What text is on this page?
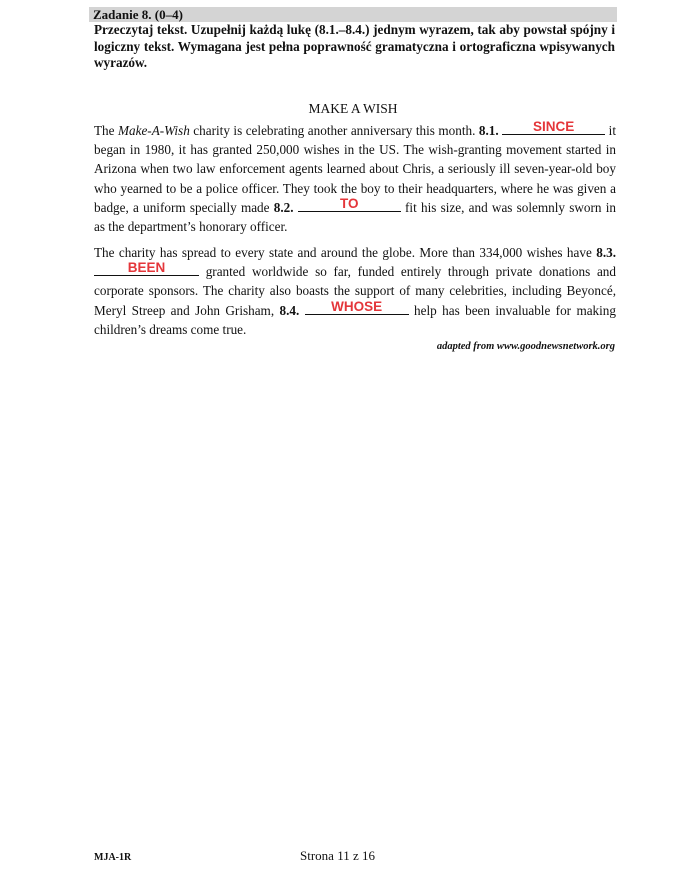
Zadanie 8. (0–4)
Przeczytaj tekst. Uzupełnij każdą lukę (8.1.–8.4.) jednym wyrazem, tak aby powstał spójny i logiczny tekst. Wymagana jest pełna poprawność gramatyczna i ortograficzna wpisywanych wyrazów.
MAKE A WISH
The Make-A-Wish charity is celebrating another anniversary this month. 8.1.	SINCE	it began in 1980, it has granted 250,000 wishes in the US. The wish-granting movement started in Arizona when two law enforcement agents learned about Chris, a seriously ill seven-year-old boy who yearned to be a police officer. They took the boy to their headquarters, where he was given a badge, a uniform specially made 8.2.	TO	fit his size, and was solemnly sworn in as the department’s honorary officer.
The charity has spread to every state and around the globe. More than 334,000 wishes have 8.3.
BEEN	granted worldwide so far, funded entirely through private donations and corporate sponsors. The charity also boasts the support of many celebrities, including Beyoncé, Meryl Streep and John Grisham, 8.4.	WHOSE	help has been invaluable for making children’s dreams come true.
adapted from www.goodnewsnetwork.org
MJA-1R	Strona 11 z 16
